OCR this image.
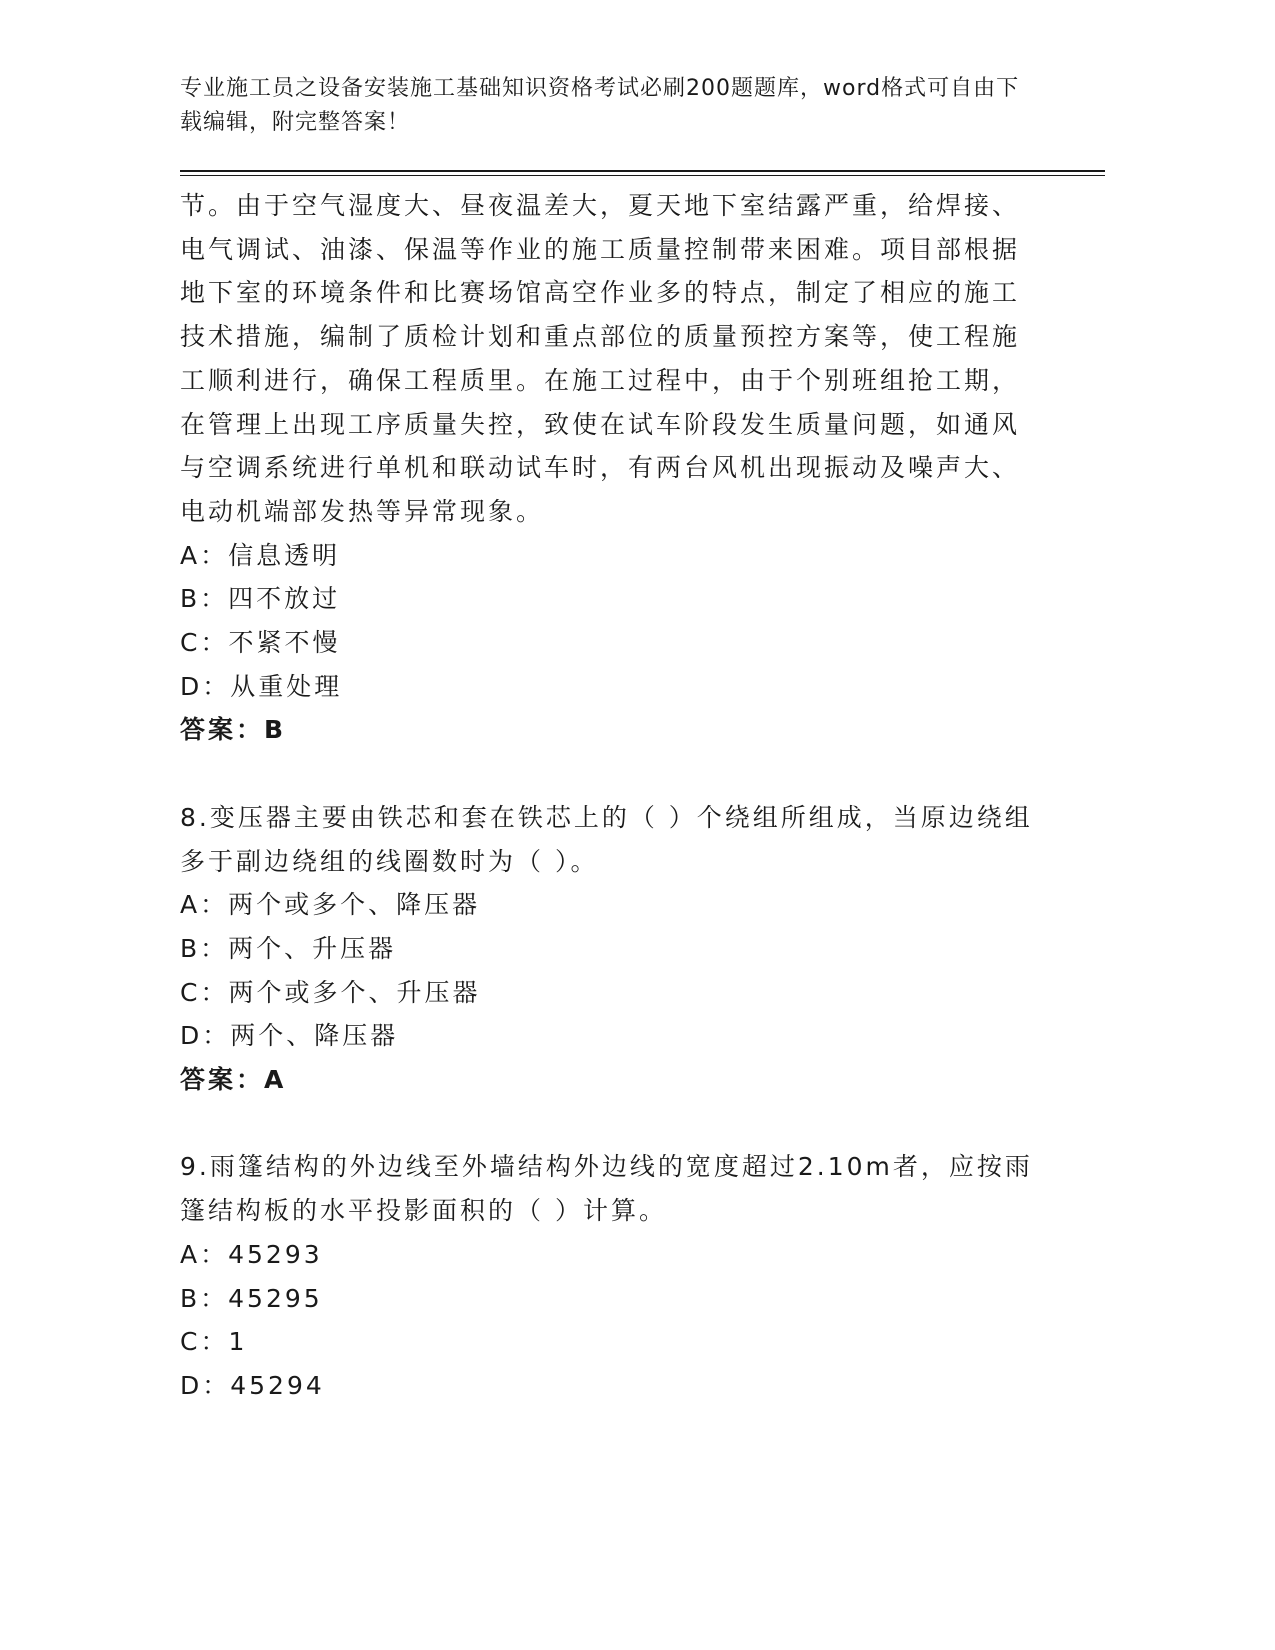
专业施工员之设备安装施工基础知识资格考试必刷200题题库，word格式可自由下载编辑，附完整答案！

节。由于空气湿度大、昼夜温差大，夏天地下室结露严重，给焊接、电气调试、油漆、保温等作业的施工质量控制带来困难。项目部根据地下室的环境条件和比赛场馆高空作业多的特点，制定了相应的施工技术措施，编制了质检计划和重点部位的质量预控方案等，使工程施工顺利进行，确保工程质里。在施工过程中，由于个别班组抢工期，在管理上出现工序质量失控，致使在试车阶段发生质量问题，如通风与空调系统进行单机和联动试车时，有两台风机出现振动及噪声大、电动机端部发热等异常现象。

A：信息透明

B：四不放过

C：不紧不慢

D：从重处理

答案：B

8.变压器主要由铁芯和套在铁芯上的（ ）个绕组所组成，当原边绕组多于副边绕组的线圈数时为（ ）。

A：两个或多个、降压器

B：两个、升压器

C：两个或多个、升压器

D：两个、降压器

答案：A

9.雨篷结构的外边线至外墙结构外边线的宽度超过2.10m者，应按雨篷结构板的水平投影面积的（ ）计算。

A：45293

B：45295

C：1

D：45294
